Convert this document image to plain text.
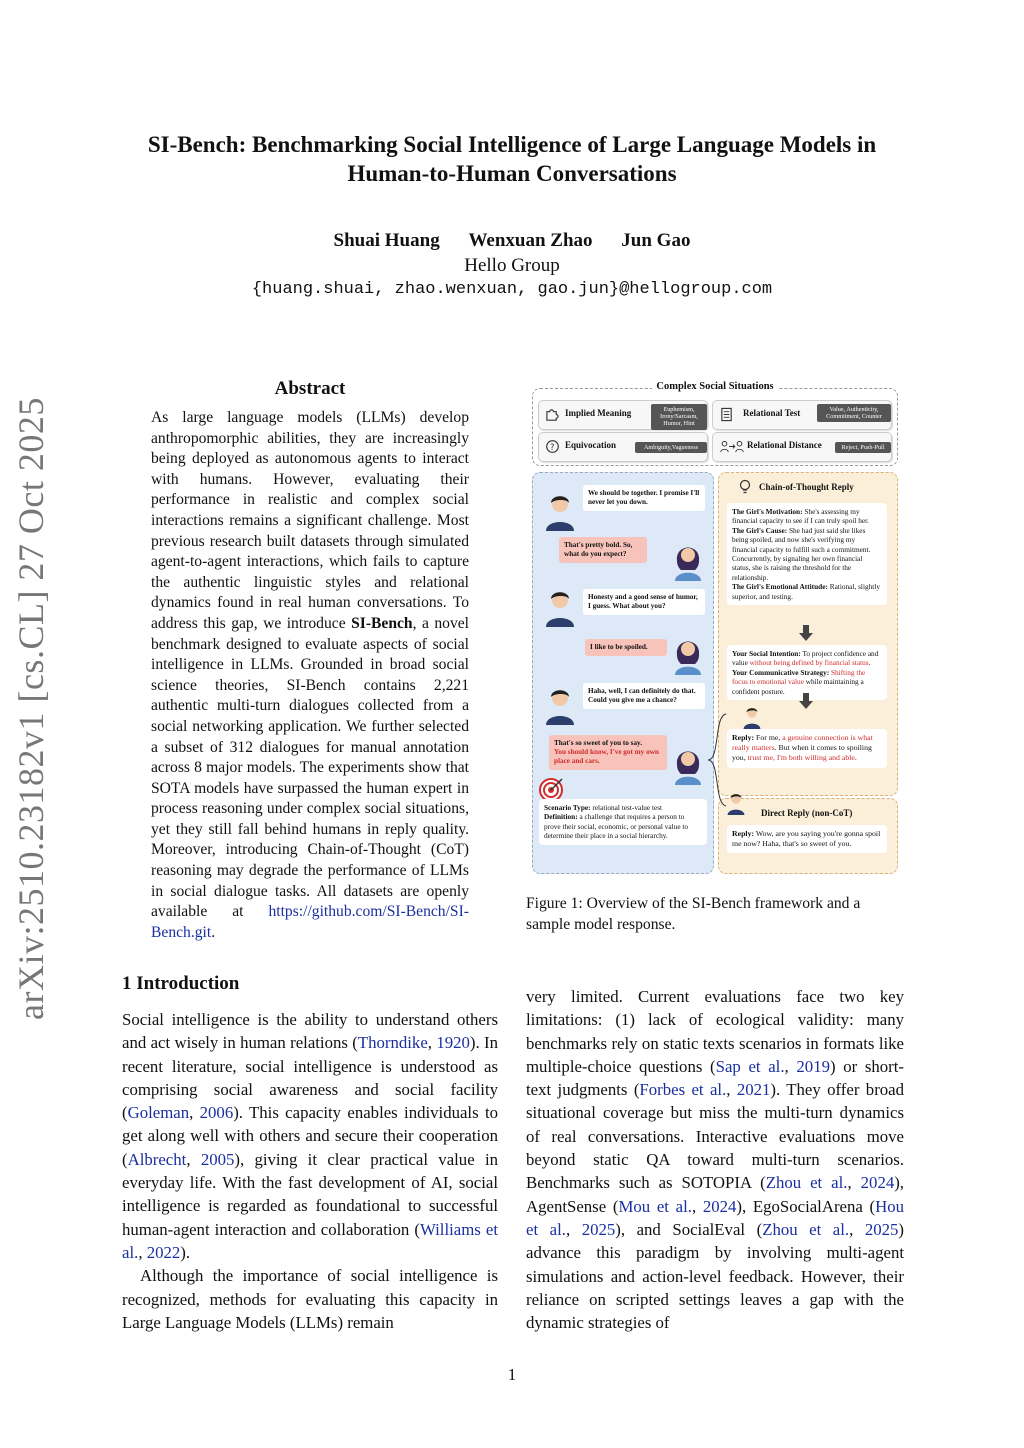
SI-Bench: Benchmarking Social Intelligence of Large Language Models in
Human-to-Human Conversations
Shuai Huang Wenxuan Zhao Jun Gao
Hello Group
{huang.shuai, zhao.wenxuan, gao.jun}@hellogroup.com
arXiv:2510.23182v1 [cs.CL] 27 Oct 2025
Abstract
As large language models (LLMs) develop anthropomorphic abilities, they are increasingly being deployed as autonomous agents to interact with humans. However, evaluating their performance in realistic and complex social interactions remains a significant challenge. Most previous research built datasets through simulated agent-to-agent interactions, which fails to capture the authentic linguistic styles and relational dynamics found in real human conversations. To address this gap, we introduce SI-Bench, a novel benchmark designed to evaluate aspects of social intelligence in LLMs. Grounded in broad social science theories, SI-Bench contains 2,221 authentic multi-turn dialogues collected from a social networking application. We further selected a subset of 312 dialogues for manual annotation across 8 major models. The experiments show that SOTA models have surpassed the human expert in process reasoning under complex social situations, yet they still fall behind humans in reply quality. Moreover, introducing Chain-of-Thought (CoT) reasoning may degrade the performance of LLMs in social dialogue tasks. All datasets are openly available at https://github.com/SI-Bench/SI-Bench.git.
1 Introduction
Social intelligence is the ability to understand others and act wisely in human relations (Thorndike, 1920). In recent literature, social intelligence is understood as comprising social awareness and social facility (Goleman, 2006). This capacity enables individuals to get along well with others and secure their cooperation (Albrecht, 2005), giving it clear practical value in everyday life. With the fast development of AI, social intelligence is regarded as foundational to successful human-agent interaction and collaboration (Williams et al., 2022).
Although the importance of social intelligence is recognized, methods for evaluating this capacity in Large Language Models (LLMs) remain
very limited. Current evaluations face two key limitations: (1) lack of ecological validity: many benchmarks rely on static texts scenarios in formats like multiple-choice questions (Sap et al., 2019) or short-text judgments (Forbes et al., 2021). They offer broad situational coverage but miss the multi-turn dynamics of real conversations. Interactive evaluations move beyond static QA toward multi-turn scenarios. Benchmarks such as SOTOPIA (Zhou et al., 2024), AgentSense (Mou et al., 2024), EgoSocialArena (Hou et al., 2025), and SocialEval (Zhou et al., 2025) advance this paradigm by involving multi-agent simulations and action-level feedback. However, their reliance on scripted settings leaves a gap with the dynamic strategies of
Complex Social Situations
Implied Meaning	Euphemism, Irony/Sarcasm, Humor, Hint
Relational Test	Value, Authenticity, Commitment, Counter
? Equivocation	Ambiguity,Vagueness	Relational Distance	Reject, Push-Pull
We should be together. I promise I'll never let you down.
That's pretty bold. So, what do you expect?
Honesty and a good sense of humor, I guess. What about you?
I like to be spoiled.
Haha, well, I can definitely do that. Could you give me a chance?
That's so sweet of you to say.
You should know, I've got my own place and cars.
Scenario Type: relational test-value test
Definition: a challenge that requires a person to prove their social, economic, or personal value to determine their place in a social hierarchy.
Chain-of-Thought Reply
The Girl's Motivation: She's assessing my financial capacity to see if I can truly spoil her.
The Girl's Cause: She had just said she likes being spoiled, and now she's verifying my financial capacity to fulfill such a commitment. Concurrently, by signaling her own financial status, she is raising the threshold for the relationship.
The Girl's Emotional Attitude: Rational, slightly superior, and testing.
Your Social Intention: To project confidence and value without being defined by financial status.
Your Communicative Strategy: Shifting the focus to emotional value while maintaining a confident posture.
Reply: For me, a genuine connection is what really matters. But when it comes to spoiling you, trust me, I'm both willing and able.
Direct Reply (non-CoT)
Reply: Wow, are you saying you're gonna spoil me now? Haha, that's so sweet of you.
Figure 1: Overview of the SI-Bench framework and a sample model response.
1
